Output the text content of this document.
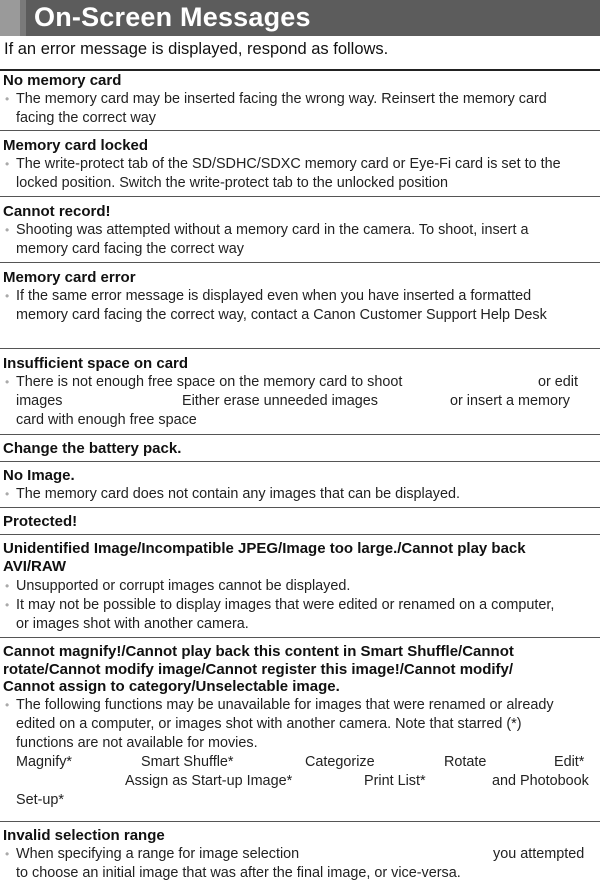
On-Screen Messages
If an error message is displayed, respond as follows.
No memory card
• The memory card may be inserted facing the wrong way. Reinsert the memory card
facing the correct way
Memory card locked
• The write-protect tab of the SD/SDHC/SDXC memory card or Eye-Fi card is set to the
locked position. Switch the write-protect tab to the unlocked position
Cannot record!
• Shooting was attempted without a memory card in the camera. To shoot, insert a
memory card facing the correct way
Memory card error
• If the same error message is displayed even when you have inserted a formatted
memory card facing the correct way, contact a Canon Customer Support Help Desk
Insufficient space on card
• There is not enough free space on the memory card to shoot	or edit
images	Either erase unneeded images	or insert a memory
card with enough free space
Change the battery pack.
No Image.
• The memory card does not contain any images that can be displayed.
Protected!
Unidentified Image/Incompatible JPEG/Image too large./Cannot play back
AVI/RAW
• Unsupported or corrupt images cannot be displayed.
• It may not be possible to display images that were edited or renamed on a computer,
or images shot with another camera.
Cannot magnify!/Cannot play back this content in Smart Shuffle/Cannot
rotate/Cannot modify image/Cannot register this image!/Cannot modify/
Cannot assign to category/Unselectable image.
• The following functions may be unavailable for images that were renamed or already
edited on a computer, or images shot with another camera. Note that starred (*)
functions are not available for movies.
Magnify*	Smart Shuffle*	Categorize	Rotate	Edit*
Assign as Start-up Image*	Print List*	and Photobook
Set-up*
Invalid selection range
• When specifying a range for image selection	you attempted
to choose an initial image that was after the final image, or vice-versa.
